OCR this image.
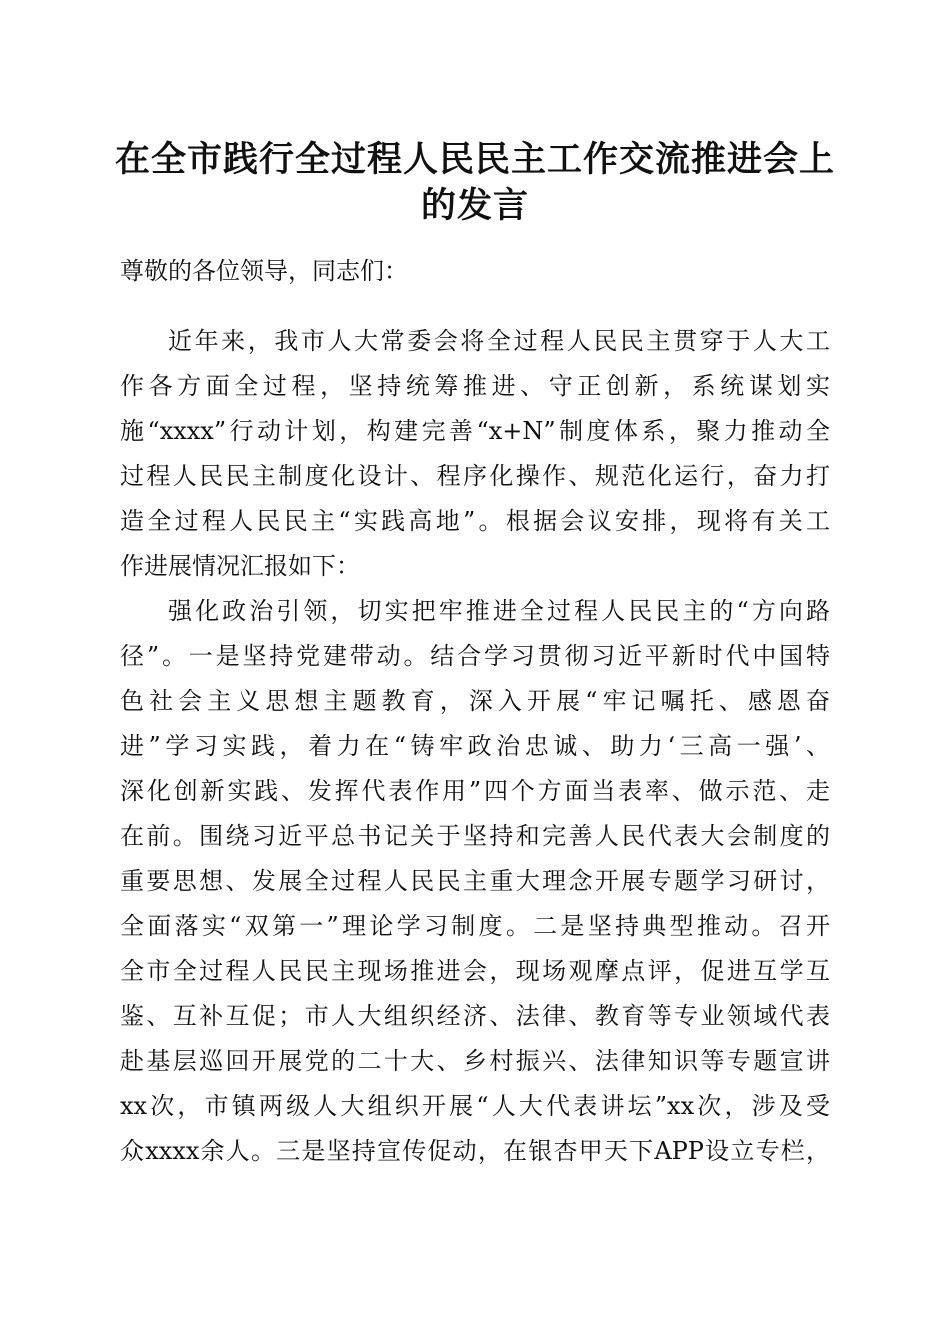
在全市践行全过程人民民主工作交流推进会上
的发言
尊敬的各位领导，同志们：
近年来，我市人大常委会将全过程人民民主贯穿于人大工
作各方面全过程，坚持统筹推进、守正创新，系统谋划实
施“xxxx”行动计划，构建完善“x+N”制度体系，聚力推动全
过程人民民主制度化设计、程序化操作、规范化运行，奋力打
造全过程人民民主“实践高地”。根据会议安排，现将有关工
作进展情况汇报如下：
强化政治引领，切实把牢推进全过程人民民主的“方向路
径”。一是坚持党建带动。结合学习贯彻习近平新时代中国特
色社会主义思想主题教育，深入开展“牢记嘱托、感恩奋
进”学习实践，着力在“铸牢政治忠诚、助力‘三高一强’、
深化创新实践、发挥代表作用”四个方面当表率、做示范、走
在前。围绕习近平总书记关于坚持和完善人民代表大会制度的
重要思想、发展全过程人民民主重大理念开展专题学习研讨，
全面落实“双第一”理论学习制度。二是坚持典型推动。召开
全市全过程人民民主现场推进会，现场观摩点评，促进互学互
鉴、互补互促；市人大组织经济、法律、教育等专业领域代表
赴基层巡回开展党的二十大、乡村振兴、法律知识等专题宣讲
xx次，市镇两级人大组织开展“人大代表讲坛”xx次，涉及受
众xxxx余人。三是坚持宣传促动，在银杏甲天下APP设立专栏，
